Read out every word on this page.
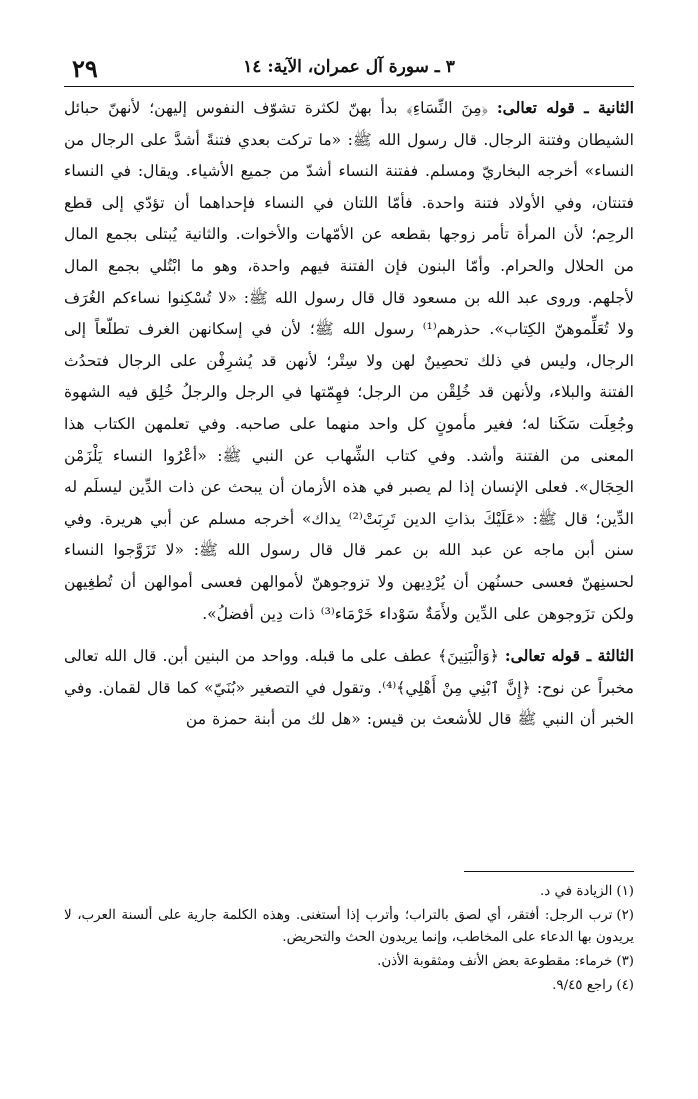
٢٩	٣ ـ سورة آل عمران، الآية: ١٤

الثانية ـ قوله تعالى: ﴿مِنَ النِّسَاءِ﴾ بدأ بهنّ لكثرة تشوّف النفوس إليهن؛ لأنهنّ حبائل الشيطان وفتنة الرجال. قال رسول الله ﷺ: «ما تركت بعدي فتنةً أشدَّ على الرجال من النساء» أخرجه البخاريّ ومسلم. ففتنة النساء أشدّ من جميع الأشياء. ويقال: في النساء فتنتان، وفي الأولاد فتنة واحدة. فأمّا اللتان في النساء فإحداهما أن تؤدّي إلى قطع الرحِم؛ لأن المرأة تأمر زوجها بقطعه عن الأمّهات والأخوات. والثانية يُبتلى بجمع المال من الحلال والحرام. وأمّا البنون فإن الفتنة فيهم واحدة، وهو ما ابْتُلي بجمع المال لأجلهم. وروى عبد الله بن مسعود قال قال رسول الله ﷺ: «لا تُسْكِنوا نساءكم الغُرَف ولا تُعَلِّموهنّ الكِتاب». حذرهم⁽¹⁾ رسول الله ﷺ؛ لأن في إسكانهن الغرف تطلّعاً إلى الرجال، وليس في ذلك تحصِينٌ لهن ولا سِتْر؛ لأنهن قد يُشرِفْن على الرجال فتحدُث الفتنة والبلاء، ولأنهن قد خُلِقْن من الرجل؛ فهِمّتها في الرجل والرجلُ خُلِق فيه الشهوة وجُعِلَت سَكَنا له؛ فغير مأمونٍ كل واحد منهما على صاحبه. وفي تعلمهن الكتاب هذا المعنى من الفتنة وأشد. وفي كتاب الشِّهاب عن النبي ﷺ: «أعْرُوا النساء يَلْزَمْن الحِجَال». فعلى الإنسان إذا لم يصبر في هذه الأزمان أن يبحث عن ذات الدِّين ليسلَم له الدِّين؛ قال ﷺ: «عَلَيْكَ بذاتِ الدين تَرِبَتْ⁽²⁾ يداك» أخرجه مسلم عن أبي هريرة. وفي سنن أبن ماجه عن عبد الله بن عمر قال قال رسول الله ﷺ: «لا تَزَوَّجوا النساء لحسنِهنّ فعسى حسنُهن أن يُرْدِيهن ولا تزوجوهنّ لأموالهن فعسى أموالهن أن تُطغِيهن ولكن تزَوجوهن على الدِّين ولأَمَةٌ سَوْداء خَرْمَاء⁽³⁾ ذات دِين أفضلُ».

الثالثة ـ قوله تعالى: ﴿وَالْبَنِينَ﴾ عطف على ما قبله. وواحد من البنين أبن. قال الله تعالى مخبراً عن نوح: ﴿إِنَّ ٱبْنِي مِنْ أَهْلِي﴾⁽⁴⁾. وتقول في التصغير «بُنَيّ» كما قال لقمان. وفي الخبر أن النبي ﷺ قال للأشعث بن قيس: «هل لك من أبنة حمزة من

(١)الزيادة في د.

(٢)ترب الرجل: أفتقر، أي لصق بالتراب؛ وأترب إذا أستغنى. وهذه الكلمة جارية على ألسنة العرب، لا يريدون بها الدعاء على المخاطب، وإنما يريدون الحث والتحريض.

(٣)خرماء: مقطوعة بعض الأنف ومثقوبة الأذن.

(٤)راجع ٩/٤٥.
